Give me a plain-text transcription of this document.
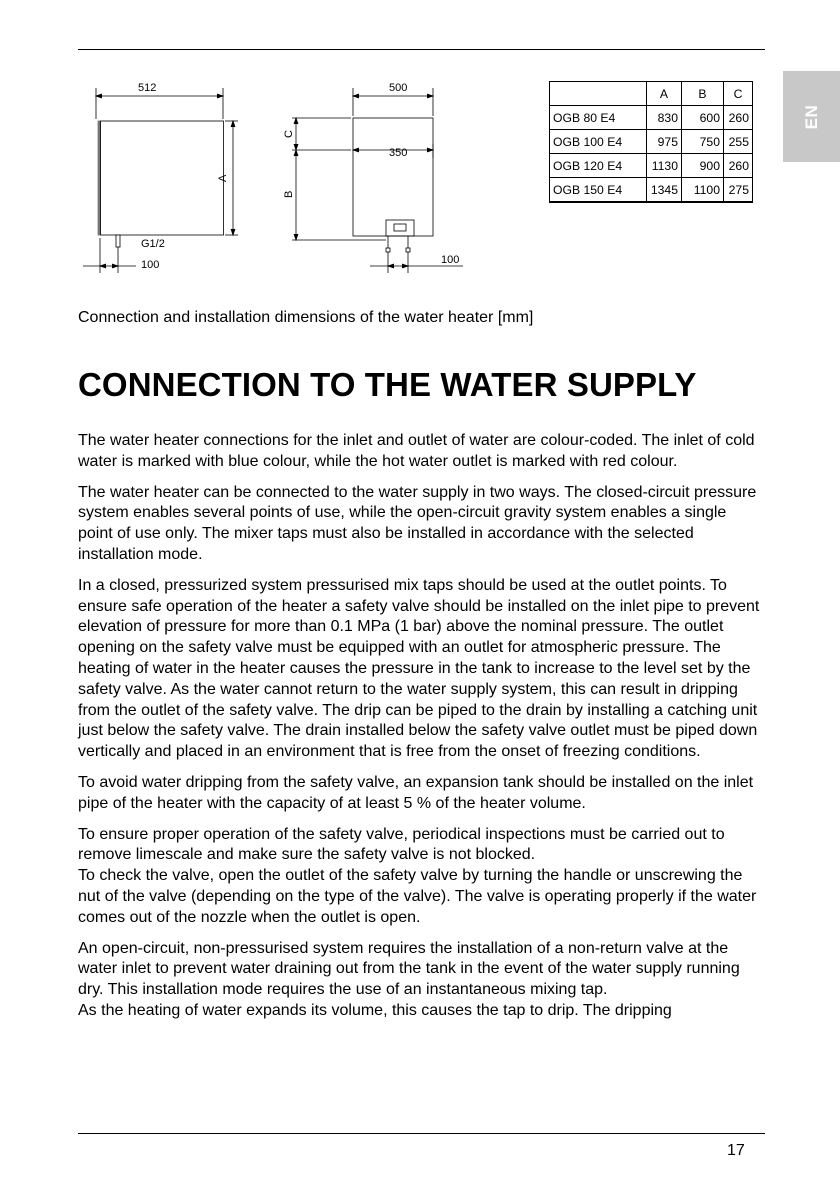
EN
512
A
G1/2
100
500
C
B
350
100
	A	B	C
OGB 80 E4	830	600	260
OGB 100 E4	975	750	255
OGB 120 E4	1130	900	260
OGB 150 E4	1345	1100	275
Connection and installation dimensions of the water heater [mm]
CONNECTION TO THE WATER SUPPLY

The water heater connections for the inlet and outlet of water are colour-coded. The inlet of cold water is marked with blue colour, while the hot water outlet is marked with red colour.

The water heater can be connected to the water supply in two ways. The closed-circuit pressure system enables several points of use, while the open-circuit gravity system enables a single point of use only. The mixer taps must also be installed in accordance with the selected installation mode.

In a closed, pressurized system pressurised mix taps should be used at the outlet points. To ensure safe operation of the heater a safety valve should be installed on the inlet pipe to prevent elevation of pressure for more than 0.1 MPa (1 bar) above the nominal pressure. The outlet opening on the safety valve must be equipped with an outlet for atmospheric pressure. The heating of water in the heater causes the pressure in the tank to increase to the level set by the safety valve. As the water cannot return to the water supply system, this can result in dripping from the outlet of the safety valve. The drip can be piped to the drain by installing a catching unit just below the safety valve. The drain installed below the safety valve outlet must be piped down vertically and placed in an environment that is free from the onset of freezing conditions.

To avoid water dripping from the safety valve, an expansion tank should be installed on the inlet pipe of the heater with the capacity of at least 5 % of the heater volume.

To ensure proper operation of the safety valve, periodical inspections must be carried out to remove limescale and make sure the safety valve is not blocked.
To check the valve, open the outlet of the safety valve by turning the handle or unscrewing the nut of the valve (depending on the type of the valve). The valve is operating properly if the water comes out of the nozzle when the outlet is open.

An open-circuit, non-pressurised system requires the installation of a non-return valve at the water inlet to prevent water draining out from the tank in the event of the water supply running dry. This installation mode requires the use of an instantaneous mixing tap.
As the heating of water expands its volume, this causes the tap to drip. The dripping

17
